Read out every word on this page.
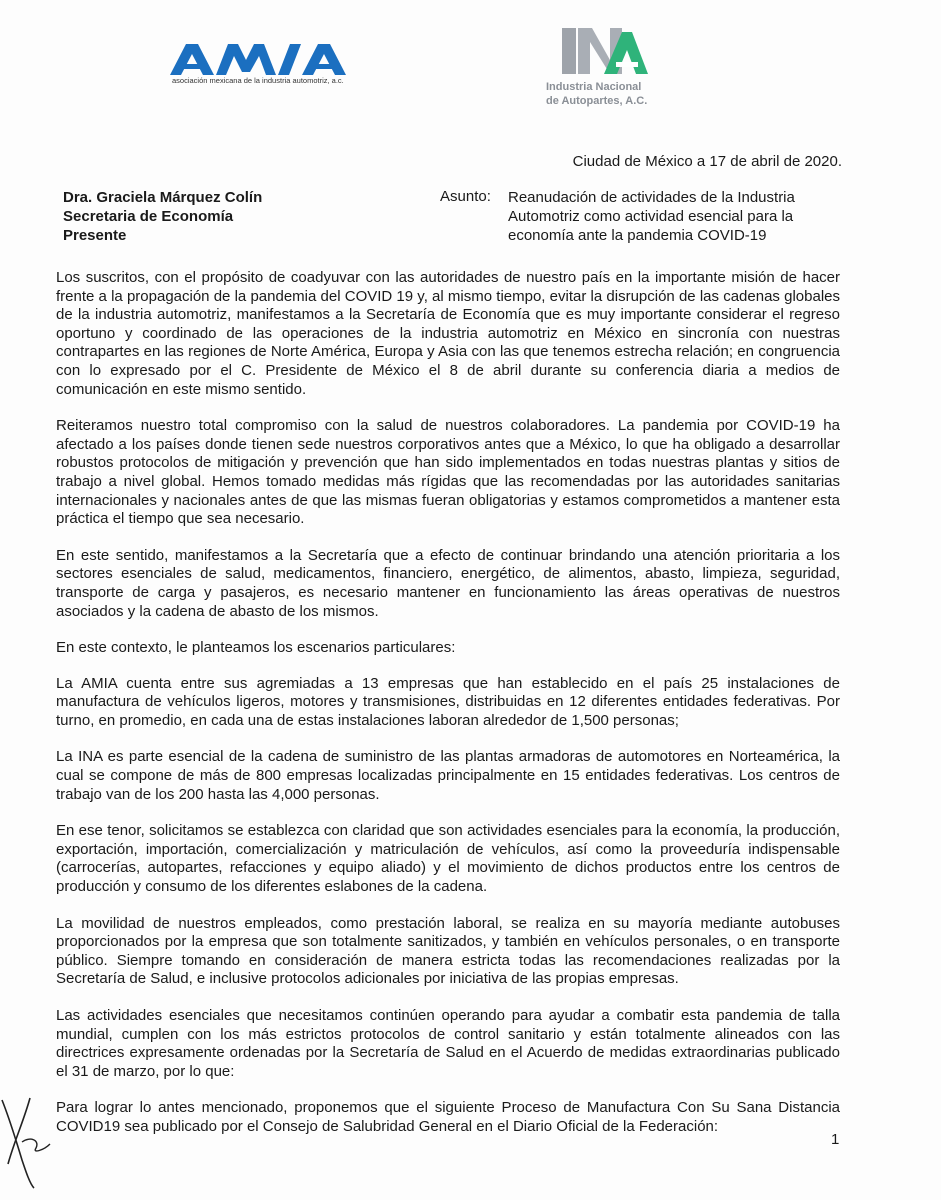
asociación mexicana de la industria automotriz, a.c.
Industria Nacional
de Autopartes, A.C.
Ciudad de México a 17 de abril de 2020.
Dra. Graciela Márquez Colín
Secretaria de Economía
Presente
Asunto: Reanudación de actividades de la Industria
Automotriz como actividad esencial para la
economía ante la pandemia COVID-19

Los suscritos, con el propósito de coadyuvar con las autoridades de nuestro país en la importante misión de hacer frente a la propagación de la pandemia del COVID 19 y, al mismo tiempo, evitar la disrupción de las cadenas globales de la industria automotriz, manifestamos a la Secretaría de Economía que es muy importante considerar el regreso oportuno y coordinado de las operaciones de la industria automotriz en México en sincronía con nuestras contrapartes en las regiones de Norte América, Europa y Asia con las que tenemos estrecha relación; en congruencia con lo expresado por el C. Presidente de México el 8 de abril durante su conferencia diaria a medios de comunicación en este mismo sentido.

Reiteramos nuestro total compromiso con la salud de nuestros colaboradores. La pandemia por COVID-19 ha afectado a los países donde tienen sede nuestros corporativos antes que a México, lo que ha obligado a desarrollar robustos protocolos de mitigación y prevención que han sido implementados en todas nuestras plantas y sitios de trabajo a nivel global. Hemos tomado medidas más rígidas que las recomendadas por las autoridades sanitarias internacionales y nacionales antes de que las mismas fueran obligatorias y estamos comprometidos a mantener esta práctica el tiempo que sea necesario.

En este sentido, manifestamos a la Secretaría que a efecto de continuar brindando una atención prioritaria a los sectores esenciales de salud, medicamentos, financiero, energético, de alimentos, abasto, limpieza, seguridad, transporte de carga y pasajeros, es necesario mantener en funcionamiento las áreas operativas de nuestros asociados y la cadena de abasto de los mismos.

En este contexto, le planteamos los escenarios particulares:

La AMIA cuenta entre sus agremiadas a 13 empresas que han establecido en el país 25 instalaciones de manufactura de vehículos ligeros, motores y transmisiones, distribuidas en 12 diferentes entidades federativas. Por turno, en promedio, en cada una de estas instalaciones laboran alrededor de 1,500 personas;

La INA es parte esencial de la cadena de suministro de las plantas armadoras de automotores en Norteamérica, la cual se compone de más de 800 empresas localizadas principalmente en 15 entidades federativas. Los centros de trabajo van de los 200 hasta las 4,000 personas.

En ese tenor, solicitamos se establezca con claridad que son actividades esenciales para la economía, la producción, exportación, importación, comercialización y matriculación de vehículos, así como la proveeduría indispensable (carrocerías, autopartes, refacciones y equipo aliado) y el movimiento de dichos productos entre los centros de producción y consumo de los diferentes eslabones de la cadena.

La movilidad de nuestros empleados, como prestación laboral, se realiza en su mayoría mediante autobuses proporcionados por la empresa que son totalmente sanitizados, y también en vehículos personales, o en transporte público. Siempre tomando en consideración de manera estricta todas las recomendaciones realizadas por la Secretaría de Salud, e inclusive protocolos adicionales por iniciativa de las propias empresas.

Las actividades esenciales que necesitamos continúen operando para ayudar a combatir esta pandemia de talla mundial, cumplen con los más estrictos protocolos de control sanitario y están totalmente alineados con las directrices expresamente ordenadas por la Secretaría de Salud en el Acuerdo de medidas extraordinarias publicado el 31 de marzo, por lo que:

Para lograr lo antes mencionado, proponemos que el siguiente Proceso de Manufactura Con Su Sana Distancia COVID19 sea publicado por el Consejo de Salubridad General en el Diario Oficial de la Federación:

1
